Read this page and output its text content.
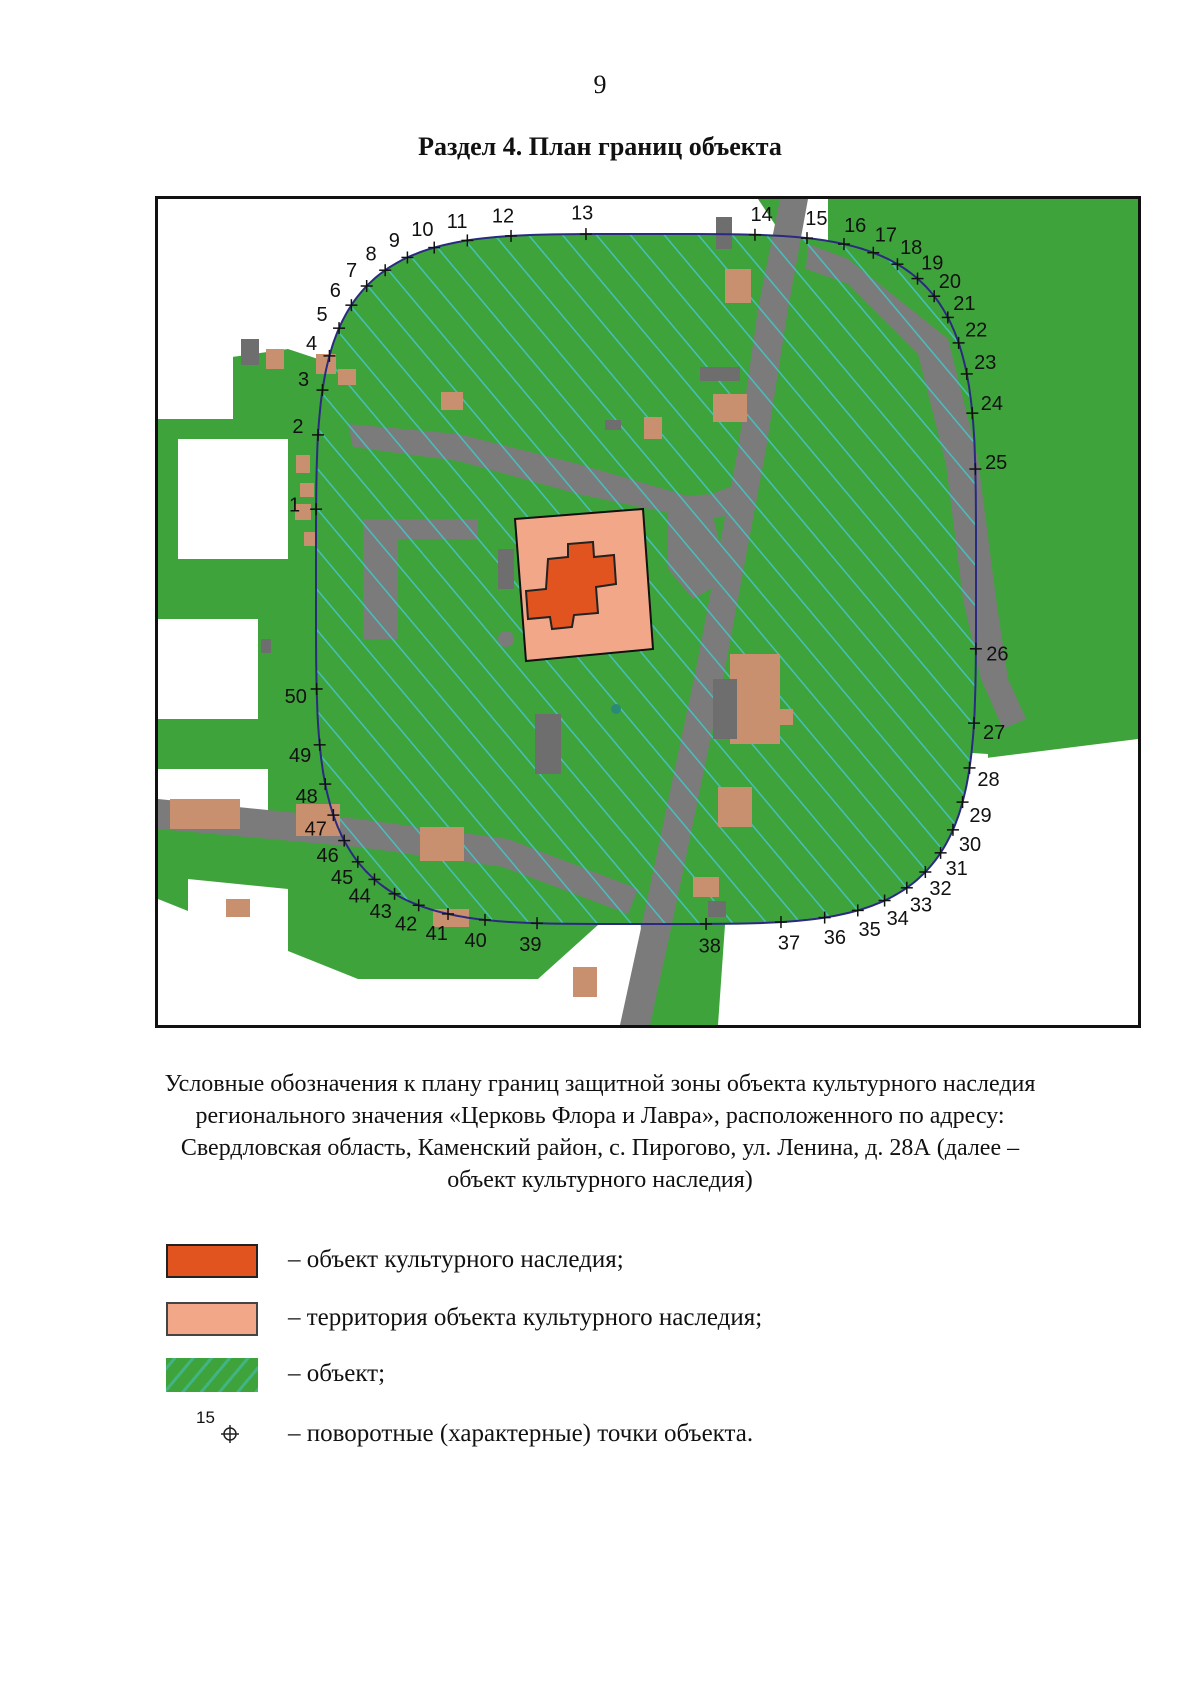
9
Раздел 4. План границ объекта
1
2
3
4
5
6
7
8
9 10 11 12	13	14 15 16 17
18
19
20
21
22
23
24
25
26
27
28
29
30
31
32
33
34
35
36
37
38
39
40
41
42
43
44
45
46
47
48
49
50
Условные обозначения к плану границ защитной зоны объекта культурного наследия регионального значения «Церковь Флора и Лавра», расположенного по адресу: Свердловская область, Каменский район, с. Пирогово, ул. Ленина, д. 28А (далее – объект культурного наследия)
– объект культурного наследия;
– территория объекта культурного наследия;
– объект;
15
– поворотные (характерные) точки объекта.
